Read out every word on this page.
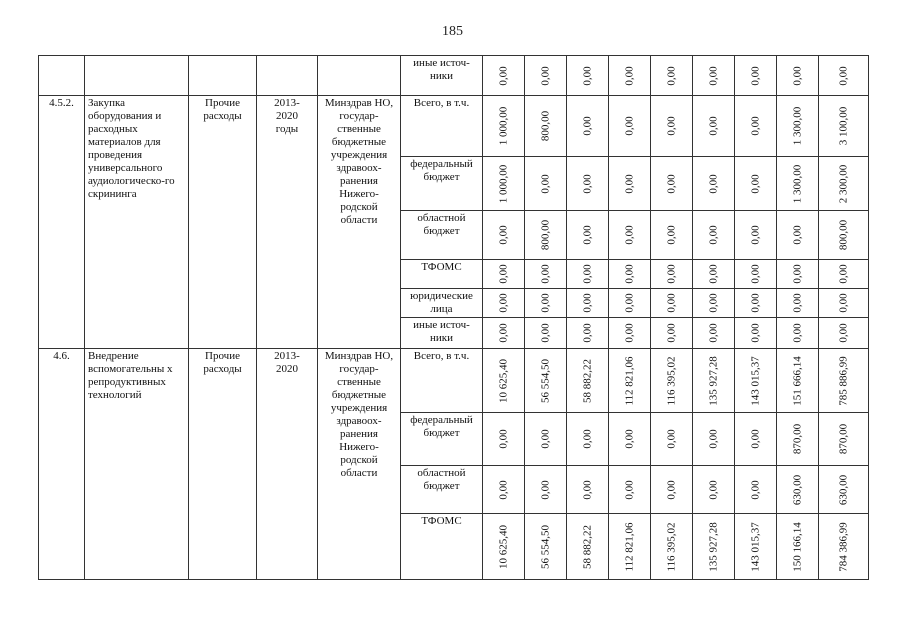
185
					иные источ-
ники	0,00	0,00	0,00	0,00	0,00	0,00	0,00	0,00	0,00

4.5.2.	Закупка оборудования и расходных материалов для проведения универсального аудиологическо-го скрининга	Прочие расходы	2013-
2020
годы	Минздрав НО, государ-ственные бюджетные учреждения здравоох-ранения Нижего-родской области	Всего, в т.ч.	1 000,00	800,00	0,00	0,00	0,00	0,00	0,00	1 300,00	3 100,00

					федеральный бюджет	1 000,00	0,00	0,00	0,00	0,00	0,00	0,00	1 300,00	2 300,00

					областной бюджет	0,00	800,00	0,00	0,00	0,00	0,00	0,00	0,00	800,00

					ТФОМС	0,00	0,00	0,00	0,00	0,00	0,00	0,00	0,00	0,00

					юридические лица	0,00	0,00	0,00	0,00	0,00	0,00	0,00	0,00	0,00

					иные источ-
ники	0,00	0,00	0,00	0,00	0,00	0,00	0,00	0,00	0,00

4.6.	Внедрение вспомогательны х репродуктивных технологий	Прочие расходы	2013-
2020	Минздрав НО, государ-ственные бюджетные учреждения здравоох-ранения Нижего-родской области	Всего, в т.ч.	10 625,40	56 554,50	58 882,22	112 821,06	116 395,02	135 927,28	143 015,37	151 666,14	785 886,99

					федеральный бюджет	0,00	0,00	0,00	0,00	0,00	0,00	0,00	870,00	870,00

					областной бюджет	0,00	0,00	0,00	0,00	0,00	0,00	0,00	630,00	630,00

					ТФОМС	10 625,40	56 554,50	58 882,22	112 821,06	116 395,02	135 927,28	143 015,37	150 166,14	784 386,99
